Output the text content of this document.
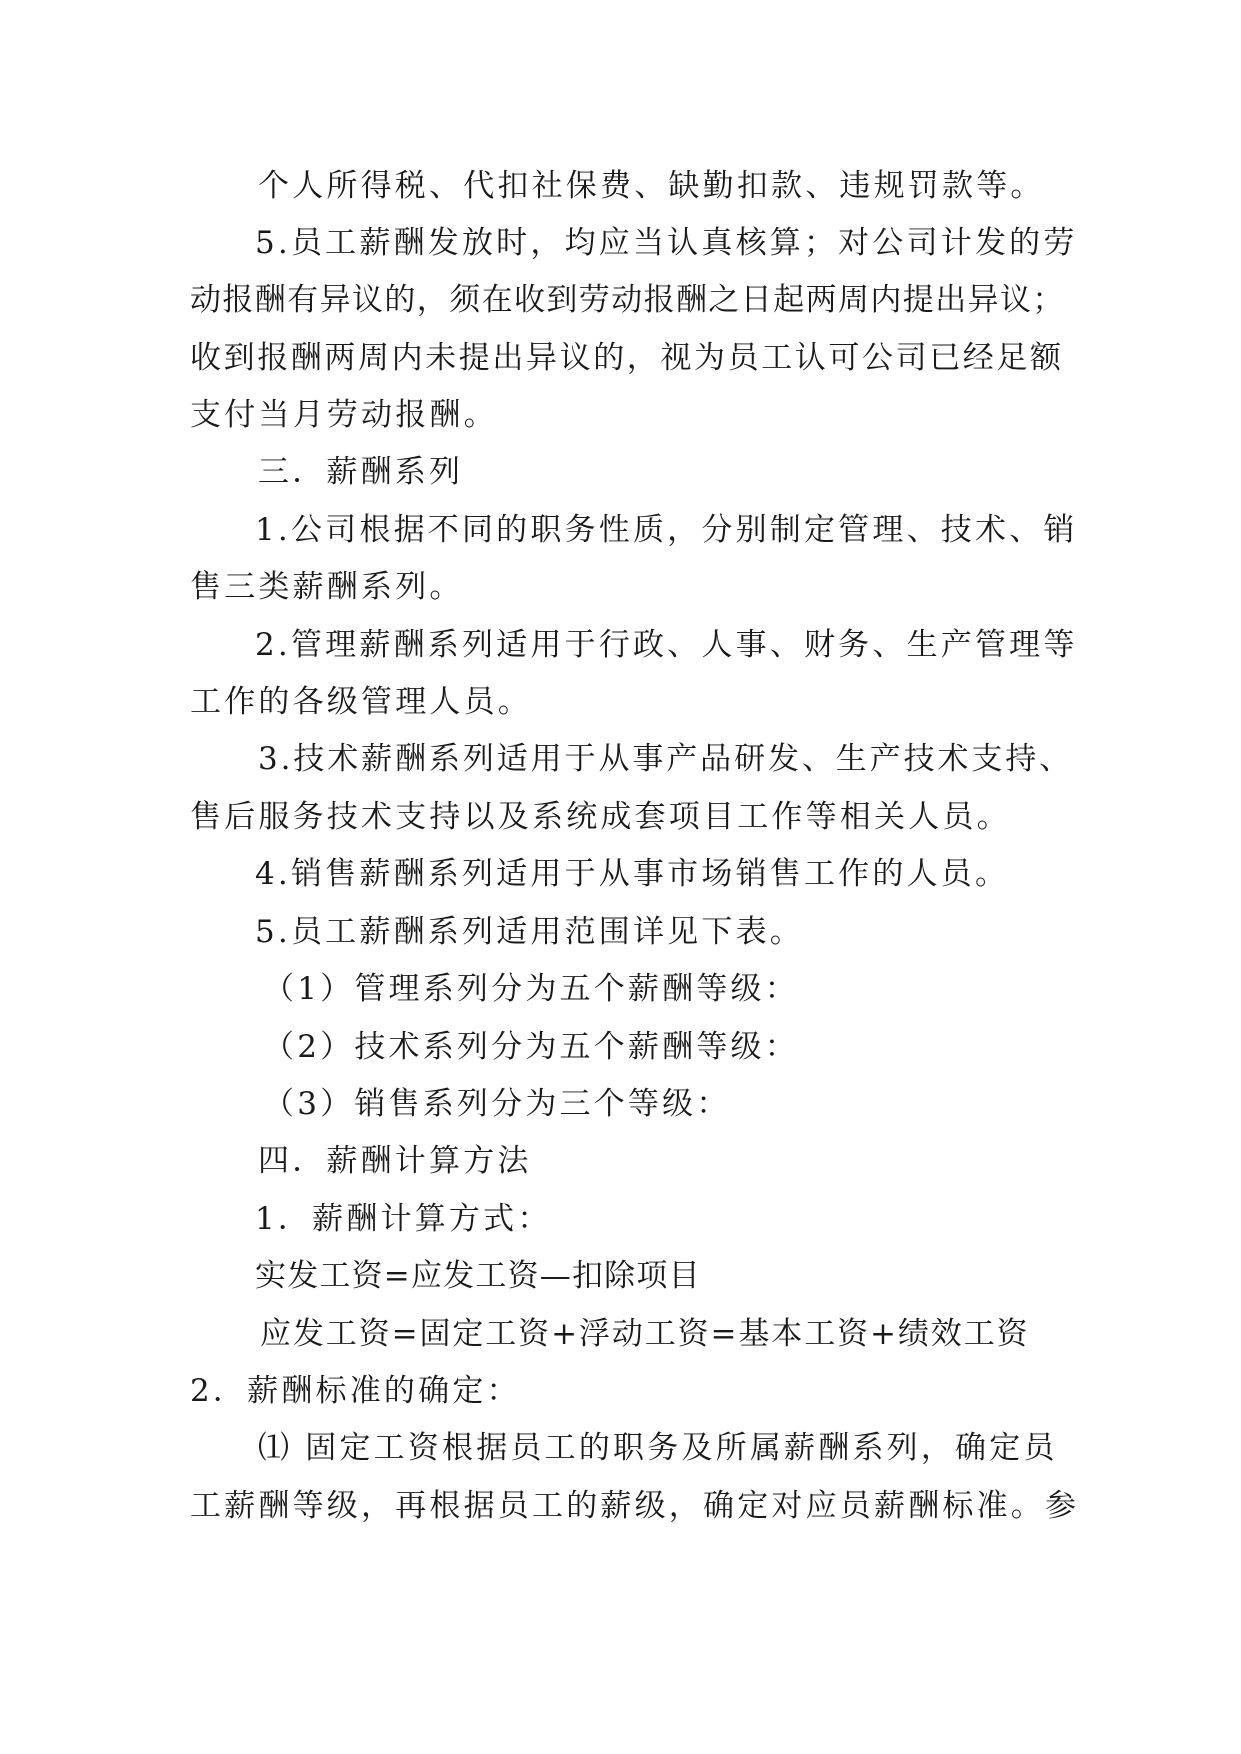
个人所得税、代扣社保费、缺勤扣款、违规罚款等。
5.员工薪酬发放时，均应当认真核算；对公司计发的劳
动报酬有异议的，须在收到劳动报酬之日起两周内提出异议；
收到报酬两周内未提出异议的，视为员工认可公司已经足额
支付当月劳动报酬。
三．薪酬系列
1.公司根据不同的职务性质，分别制定管理、技术、销
售三类薪酬系列。
2.管理薪酬系列适用于行政、人事、财务、生产管理等
工作的各级管理人员。
3.技术薪酬系列适用于从事产品研发、生产技术支持、
售后服务技术支持以及系统成套项目工作等相关人员。
4.销售薪酬系列适用于从事市场销售工作的人员。
5.员工薪酬系列适用范围详见下表。
（1）管理系列分为五个薪酬等级：
（2）技术系列分为五个薪酬等级：
（3）销售系列分为三个等级：
四．薪酬计算方法
1．薪酬计算方式：
实发工资=应发工资—扣除项目
应发工资=固定工资+浮动工资=基本工资+绩效工资
2．薪酬标准的确定：
⑴ 固定工资根据员工的职务及所属薪酬系列，确定员
工薪酬等级，再根据员工的薪级，确定对应员薪酬标准。参
